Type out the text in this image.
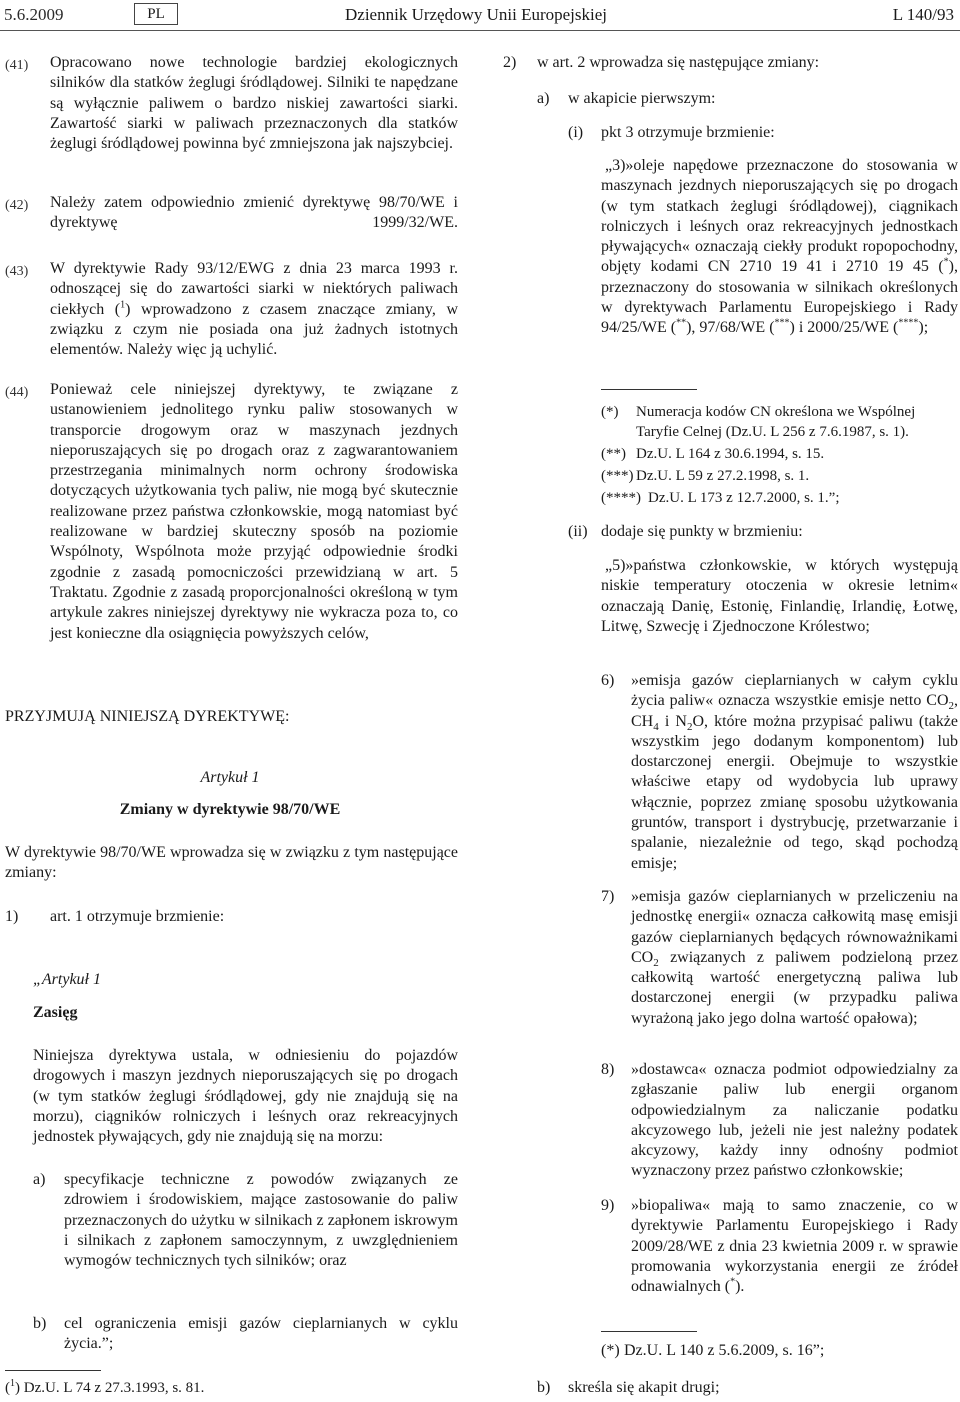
5.6.2009	PL	Dziennik Urzędowy Unii Europejskiej	L 140/93
(41) Opracowano nowe technologie bardziej ekologicznych silników dla statków żeglugi śródlądowej. Silniki te napędzane są wyłącznie paliwem o bardzo niskiej zawartości siarki. Zawartość siarki w paliwach przeznaczonych dla statków żeglugi śródlądowej powinna być zmniejszona jak najszybciej.
(42) Należy zatem odpowiednio zmienić dyrektywę 98/70/WE i dyrektywę 1999/32/WE.
(43) W dyrektywie Rady 93/12/EWG z dnia 23 marca 1993 r. odnoszącej się do zawartości siarki w niektórych paliwach ciekłych ($^1$) wprowadzono z czasem znaczące zmiany, w związku z czym nie posiada ona już żadnych istotnych elementów. Należy więc ją uchylić.
(44) Ponieważ cele niniejszej dyrektywy, te związane z ustanowieniem jednolitego rynku paliw stosowanych w transporcie drogowym oraz w maszynach jezdnych nieporuszających się po drogach oraz z zagwarantowaniem przestrzegania minimalnych norm ochrony środowiska dotyczących użytkowania tych paliw, nie mogą być skutecznie realizowane przez państwa członkowskie, mogą natomiast być realizowane w bardziej skuteczny sposób na poziomie Wspólnoty, Wspólnota może przyjąć odpowiednie środki zgodnie z zasadą pomocniczości przewidzianą w art. 5 Traktatu. Zgodnie z zasadą proporcjonalności określoną w tym artykule zakres niniejszej dyrektywy nie wykracza poza to, co jest konieczne dla osiągnięcia powyższych celów,
PRZYJMUJĄ NINIEJSZĄ DYREKTYWĘ:
Artykuł 1
Zmiany w dyrektywie 98/70/WE
W dyrektywie 98/70/WE wprowadza się w związku z tym następujące zmiany:
1) art. 1 otrzymuje brzmienie:
„Artykuł 1
Zasięg
Niniejsza dyrektywa ustala, w odniesieniu do pojazdów drogowych i maszyn jezdnych nieporuszających się po drogach (w tym statków żeglugi śródlądowej, gdy nie znajdują się na morzu), ciągników rolniczych i leśnych oraz rekreacyjnych jednostek pływających, gdy nie znajdują się na morzu:
a) specyfikacje techniczne z powodów związanych ze zdrowiem i środowiskiem, mające zastosowanie do paliw przeznaczonych do użytku w silnikach z zapłonem iskrowym i silnikach z zapłonem samoczynnym, z uwzględnieniem wymogów technicznych tych silników; oraz
b) cel ograniczenia emisji gazów cieplarnianych w cyklu życia.”;
($^1$) Dz.U. L 74 z 27.3.1993, s. 81.
2) w art. 2 wprowadza się następujące zmiany:
a) w akapicie pierwszym:
(i) pkt 3 otrzymuje brzmienie:
„3)»oleje napędowe przeznaczone do stosowania w maszynach jezdnych nieporuszających się po drogach (w tym statkach żeglugi śródlądowej), ciągnikach rolniczych i leśnych oraz rekreacyjnych jednostkach pływających« oznaczają ciekły produkt ropopochodny, objęty kodami CN 2710 19 41 i 2710 19 45 (*), przeznaczony do stosowania w silnikach określonych w dyrektywach Parlamentu Europejskiego i Rady 94/25/WE (**), 97/68/WE (***) i 2000/25/WE (****);
(*) Numeracja kodów CN określona we Wspólnej Taryfie Celnej (Dz.U. L 256 z 7.6.1987, s. 1).
(**) Dz.U. L 164 z 30.6.1994, s. 15.
(***) Dz.U. L 59 z 27.2.1998, s. 1.
(****) Dz.U. L 173 z 12.7.2000, s. 1.”;
(ii) dodaje się punkty w brzmieniu:
„5)»państwa członkowskie, w których występują niskie temperatury otoczenia w okresie letnim« oznaczają Danię, Estonię, Finlandię, Irlandię, Łotwę, Litwę, Szwecję i Zjednoczone Królestwo;
6) »emisja gazów cieplarnianych w całym cyklu życia paliw« oznacza wszystkie emisje netto $CO_2$, $CH_4$ i $N_2O$, które można przypisać paliwu (także wszystkim jego dodanym komponentom) lub dostarczonej energii. Obejmuje to wszystkie właściwe etapy od wydobycia lub uprawy włącznie, poprzez zmianę sposobu użytkowania gruntów, transport i dystrybucję, przetwarzanie i spalanie, niezależnie od tego, skąd pochodzą emisje;
7) »emisja gazów cieplarnianych w przeliczeniu na jednostkę energii« oznacza całkowitą masę emisji gazów cieplarnianych będących równoważnikami $CO_2$ związanych z paliwem podzieloną przez całkowitą wartość energetyczną paliwa lub dostarczonej energii (w przypadku paliwa wyrażoną jako jego dolna wartość opałowa);
8) »dostawca« oznacza podmiot odpowiedzialny za zgłaszanie paliw lub energii organom odpowiedzialnym za naliczanie podatku akcyzowego lub, jeżeli nie jest należny podatek akcyzowy, każdy inny odnośny podmiot wyznaczony przez państwo członkowskie;
9) »biopaliwa« mają to samo znaczenie, co w dyrektywie Parlamentu Europejskiego i Rady 2009/28/WE z dnia 23 kwietnia 2009 r. w sprawie promowania wykorzystania energii ze źródeł odnawialnych (*).
(*) Dz.U. L 140 z 5.6.2009, s. 16”;
b) skreśla się akapit drugi;
